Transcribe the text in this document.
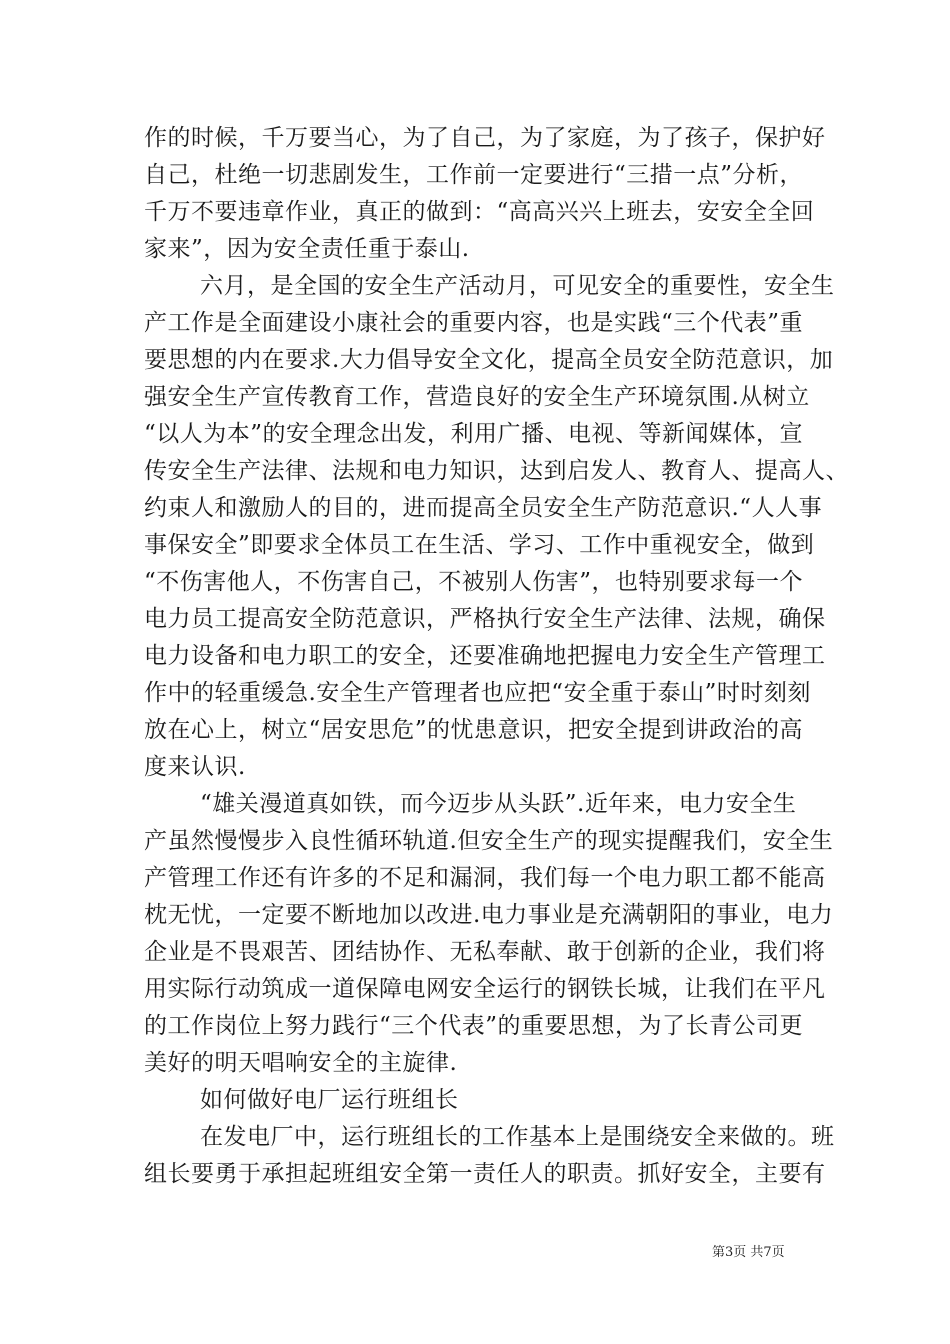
作的时候，千万要当心，为了自己，为了家庭，为了孩子，保护好
自己，杜绝一切悲剧发生，工作前一定要进行“三措一点”分析，
千万不要违章作业，真正的做到：“高高兴兴上班去，安安全全回
家来”，因为安全责任重于泰山.
六月，是全国的安全生产活动月，可见安全的重要性，安全生
产工作是全面建设小康社会的重要内容，也是实践“三个代表”重
要思想的内在要求.大力倡导安全文化，提高全员安全防范意识，加
强安全生产宣传教育工作，营造良好的安全生产环境氛围.从树立
“以人为本”的安全理念出发，利用广播、电视、等新闻媒体，宣
传安全生产法律、法规和电力知识，达到启发人、教育人、提高人、
约束人和激励人的目的，进而提高全员安全生产防范意识.“人人事
事保安全”即要求全体员工在生活、学习、工作中重视安全，做到
“不伤害他人，不伤害自己，不被别人伤害”，也特别要求每一个
电力员工提高安全防范意识，严格执行安全生产法律、法规，确保
电力设备和电力职工的安全，还要准确地把握电力安全生产管理工
作中的轻重缓急.安全生产管理者也应把“安全重于泰山”时时刻刻
放在心上，树立“居安思危”的忧患意识，把安全提到讲政治的高
度来认识.
“雄关漫道真如铁，而今迈步从头跃”.近年来，电力安全生
产虽然慢慢步入良性循环轨道.但安全生产的现实提醒我们，安全生
产管理工作还有许多的不足和漏洞，我们每一个电力职工都不能高
枕无忧，一定要不断地加以改进.电力事业是充满朝阳的事业，电力
企业是不畏艰苦、团结协作、无私奉献、敢于创新的企业，我们将
用实际行动筑成一道保障电网安全运行的钢铁长城，让我们在平凡
的工作岗位上努力践行“三个代表”的重要思想，为了长青公司更
美好的明天唱响安全的主旋律.
如何做好电厂运行班组长
在发电厂中，运行班组长的工作基本上是围绕安全来做的。班
组长要勇于承担起班组安全第一责任人的职责。抓好安全，主要有
第3页 共7页
